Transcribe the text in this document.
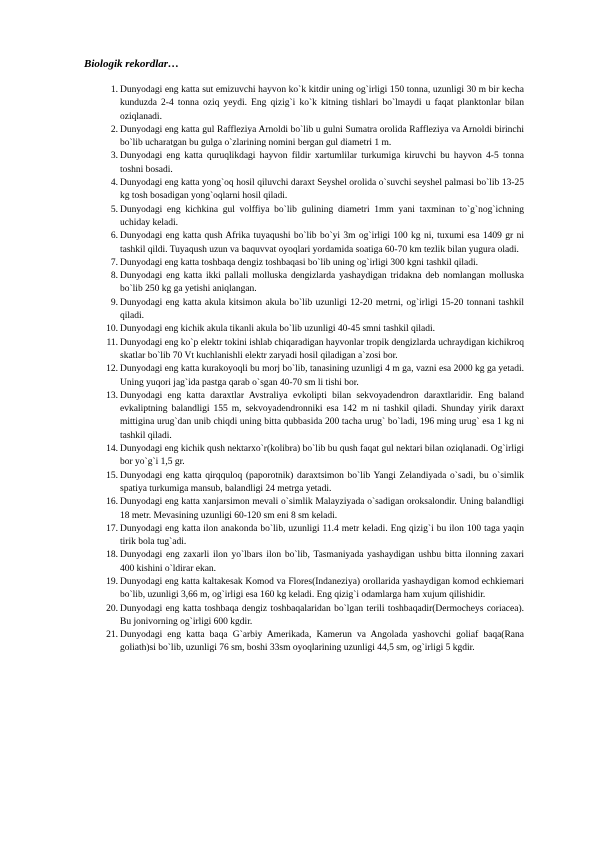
Biologik rekordlar…
1 . Dunyodagi eng katta sut emizuvchi hayvon ko`k kitdir uning og`irligi 150 tonna, uzunligi 30 m bir kecha kunduzda 2-4 tonna oziq yeydi. Eng qizig`i ko`k kitning tishlari bo`lmaydi u faqat planktonlar bilan oziqlanadi.
2 . Dunyodagi eng katta gul Raffleziya Arnoldi bo`lib u gulni Sumatra orolida Raffleziya va Arnoldi birinchi bo`lib ucharatgan bu gulga o`zlarining nomini bergan gul diametri 1 m.
3 . Dunyodagi eng katta quruqlikdagi hayvon fildir xartumlilar turkumiga kiruvchi bu hayvon 4-5 tonna toshni bosadi.
4 . Dunyodagi eng katta yong`oq hosil qiluvchi daraxt Seyshel orolida o`suvchi seyshel palmasi bo`lib 13-25 kg tosh bosadigan yong`oqlarni hosil qiladi.
5 . Dunyodagi eng kichkina gul volffiya bo`lib gulining diametri 1mm yani taxminan to`g`nog`ichning uchiday keladi.
6 . Dunyodagi eng katta qush Afrika tuyaqushi bo`lib bo`yi 3m og`irligi 100 kg ni, tuxumi esa 1409 gr ni tashkil qildi. Tuyaqush uzun va baquvvat oyoqlari yordamida soatiga 60-70 km tezlik bilan yugura oladi.
7 . Dunyodagi eng katta toshbaqa dengiz toshbaqasi bo`lib uning og`irligi 300 kgni tashkil qiladi.
8 . Dunyodagi eng katta ikki pallali molluska dengizlarda yashaydigan tridakna deb nomlangan molluska bo`lib 250 kg ga yetishi aniqlangan.
9 . Dunyodagi eng katta akula kitsimon akula bo`lib uzunligi 12-20 metrni, og`irligi 15-20 tonnani tashkil qiladi.
10 . Dunyodagi eng kichik akula tikanli akula bo`lib uzunligi 40-45 smni tashkil qiladi.
11 . Dunyodagi eng ko`p elektr tokini ishlab chiqaradigan hayvonlar tropik dengizlarda uchraydigan kichikroq skatlar bo`lib 70 Vt kuchlanishli elektr zaryadi hosil qiladigan a`zosi bor.
12 . Dunyodagi eng katta kurakoyoqli bu morj bo`lib, tanasining uzunligi 4 m ga, vazni esa 2000 kg ga yetadi. Uning yuqori jag`ida pastga qarab o`sgan 40-70 sm li tishi bor.
13 . Dunyodagi eng katta daraxtlar Avstraliya evkolipti bilan sekvoyadendron daraxtlaridir. Eng baland evkaliptning balandligi 155 m, sekvoyadendronniki esa 142 m ni tashkil qiladi. Shunday yirik daraxt mittigina urug`dan unib chiqdi uning bitta qubbasida 200 tacha urug` bo`ladi, 196 ming urug` esa 1 kg ni tashkil qiladi.
14 . Dunyodagi eng kichik qush nektarxo`r(kolibra) bo`lib bu qush faqat gul nektari bilan oziqlanadi. Og`irligi bor yo`g`i 1,5 gr.
15 . Dunyodagi eng katta qirqquloq (paporotnik) daraxtsimon bo`lib Yangi Zelandiyada o`sadi, bu o`simlik spatiya turkumiga mansub, balandligi 24 metrga yetadi.
16 . Dunyodagi eng katta xanjarsimon mevali o`simlik Malayziyada o`sadigan oroksalondir. Uning balandligi 18 metr. Mevasining uzunligi 60-120 sm eni 8 sm keladi.
17 . Dunyodagi eng katta ilon anakonda bo`lib, uzunligi 11.4 metr keladi. Eng qizig`i bu ilon 100 taga yaqin tirik bola tug`adi.
18 . Dunyodagi eng zaxarli ilon yo`lbars ilon bo`lib, Tasmaniyada yashaydigan ushbu bitta ilonning zaxari 400 kishini o`ldirar ekan.
19 . Dunyodagi eng katta kaltakesak Komod va Flores(Indaneziya) orollarida yashaydigan komod echkiemari bo`lib, uzunligi 3,66 m, og`irligi esa 160 kg keladi. Eng qizig`i odamlarga ham xujum qilishidir.
20 . Dunyodagi eng katta toshbaqa dengiz toshbaqalaridan bo`lgan terili toshbaqadir(Dermocheys coriacea). Bu jonivorning og`irligi 600 kgdir.
21 . Dunyodagi eng katta baqa G`arbiy Amerikada, Kamerun va Angolada yashovchi goliaf baqa(Rana goliath)si bo`lib, uzunligi 76 sm, boshi 33sm oyoqlarining uzunligi 44,5 sm, og`irligi 5 kgdir.
